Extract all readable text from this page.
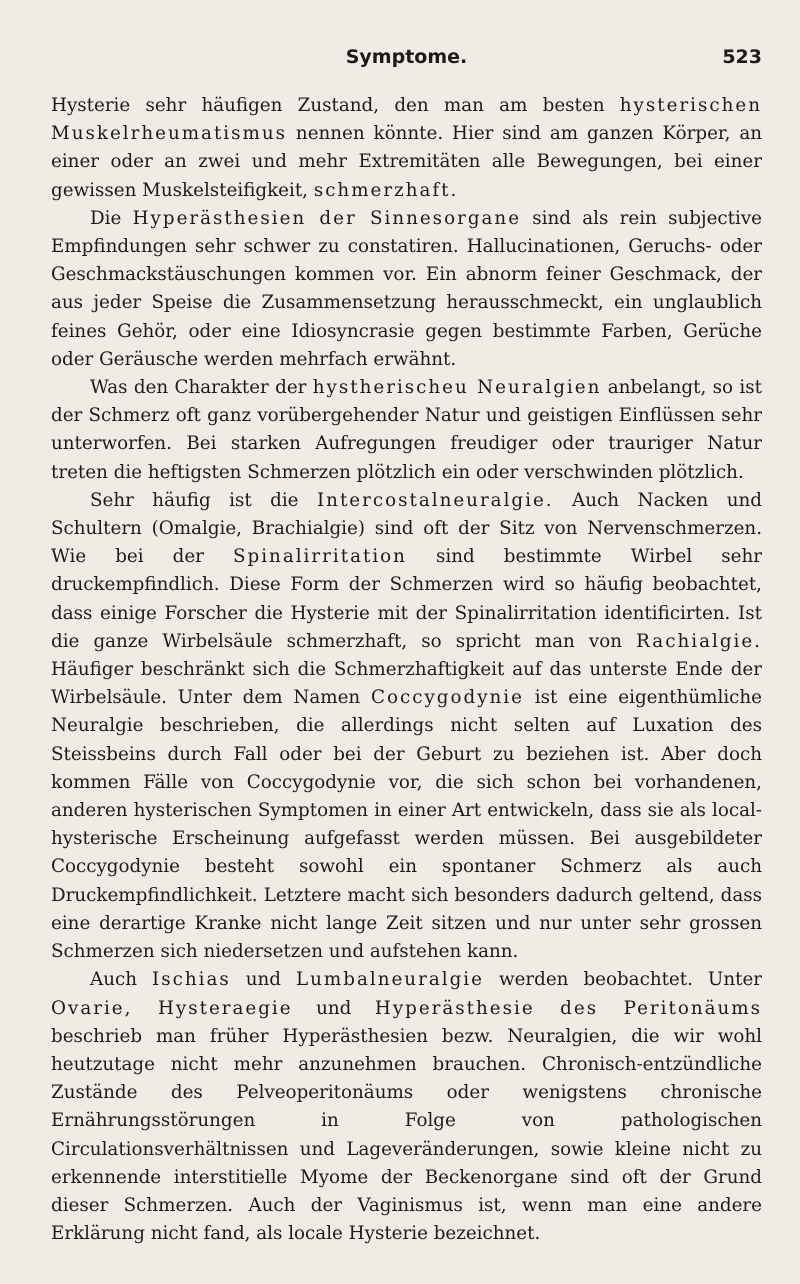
Symptome.	523

Hysterie sehr häufigen Zustand, den man am besten hysterischen Muskelrheumatismus nennen könnte. Hier sind am ganzen Körper, an einer oder an zwei und mehr Extremitäten alle Bewegungen, bei einer gewissen Muskelsteifigkeit, schmerzhaft.

Die Hyperästhesien der Sinnesorgane sind als rein subjective Empfindungen sehr schwer zu constatiren. Hallucinationen, Geruchs- oder Geschmackstäuschungen kommen vor. Ein abnorm feiner Geschmack, der aus jeder Speise die Zusammensetzung herausschmeckt, ein unglaublich feines Gehör, oder eine Idiosyncrasie gegen bestimmte Farben, Gerüche oder Geräusche werden mehrfach erwähnt.

Was den Charakter der hystherischeu Neuralgien anbelangt, so ist der Schmerz oft ganz vorübergehender Natur und geistigen Einflüssen sehr unterworfen. Bei starken Aufregungen freudiger oder trauriger Natur treten die heftigsten Schmerzen plötzlich ein oder verschwinden plötzlich.

Sehr häufig ist die Intercostalneuralgie. Auch Nacken und Schultern (Omalgie, Brachialgie) sind oft der Sitz von Nervenschmerzen. Wie bei der Spinalirritation sind bestimmte Wirbel sehr druckempfindlich. Diese Form der Schmerzen wird so häufig beobachtet, dass einige Forscher die Hysterie mit der Spinalirritation identificirten. Ist die ganze Wirbelsäule schmerzhaft, so spricht man von Rachialgie. Häufiger beschränkt sich die Schmerzhaftigkeit auf das unterste Ende der Wirbelsäule. Unter dem Namen Coccygodynie ist eine eigenthümliche Neuralgie beschrieben, die allerdings nicht selten auf Luxation des Steissbeins durch Fall oder bei der Geburt zu beziehen ist. Aber doch kommen Fälle von Coccygodynie vor, die sich schon bei vorhandenen, anderen hysterischen Symptomen in einer Art entwickeln, dass sie als local-hysterische Erscheinung aufgefasst werden müssen. Bei ausgebildeter Coccygodynie besteht sowohl ein spontaner Schmerz als auch Druckempfindlichkeit. Letztere macht sich besonders dadurch geltend, dass eine derartige Kranke nicht lange Zeit sitzen und nur unter sehr grossen Schmerzen sich niedersetzen und aufstehen kann.

Auch Ischias und Lumbalneuralgie werden beobachtet. Unter Ovarie, Hysteraegie und Hyperästhesie des Peritonäums beschrieb man früher Hyperästhesien bezw. Neuralgien, die wir wohl heutzutage nicht mehr anzunehmen brauchen. Chronisch-entzündliche Zustände des Pelveoperitonäums oder wenigstens chronische Ernährungsstörungen in Folge von pathologischen Circulationsverhältnissen und Lageveränderungen, sowie kleine nicht zu erkennende interstitielle Myome der Beckenorgane sind oft der Grund dieser Schmerzen. Auch der Vaginismus ist, wenn man eine andere Erklärung nicht fand, als locale Hysterie bezeichnet.
